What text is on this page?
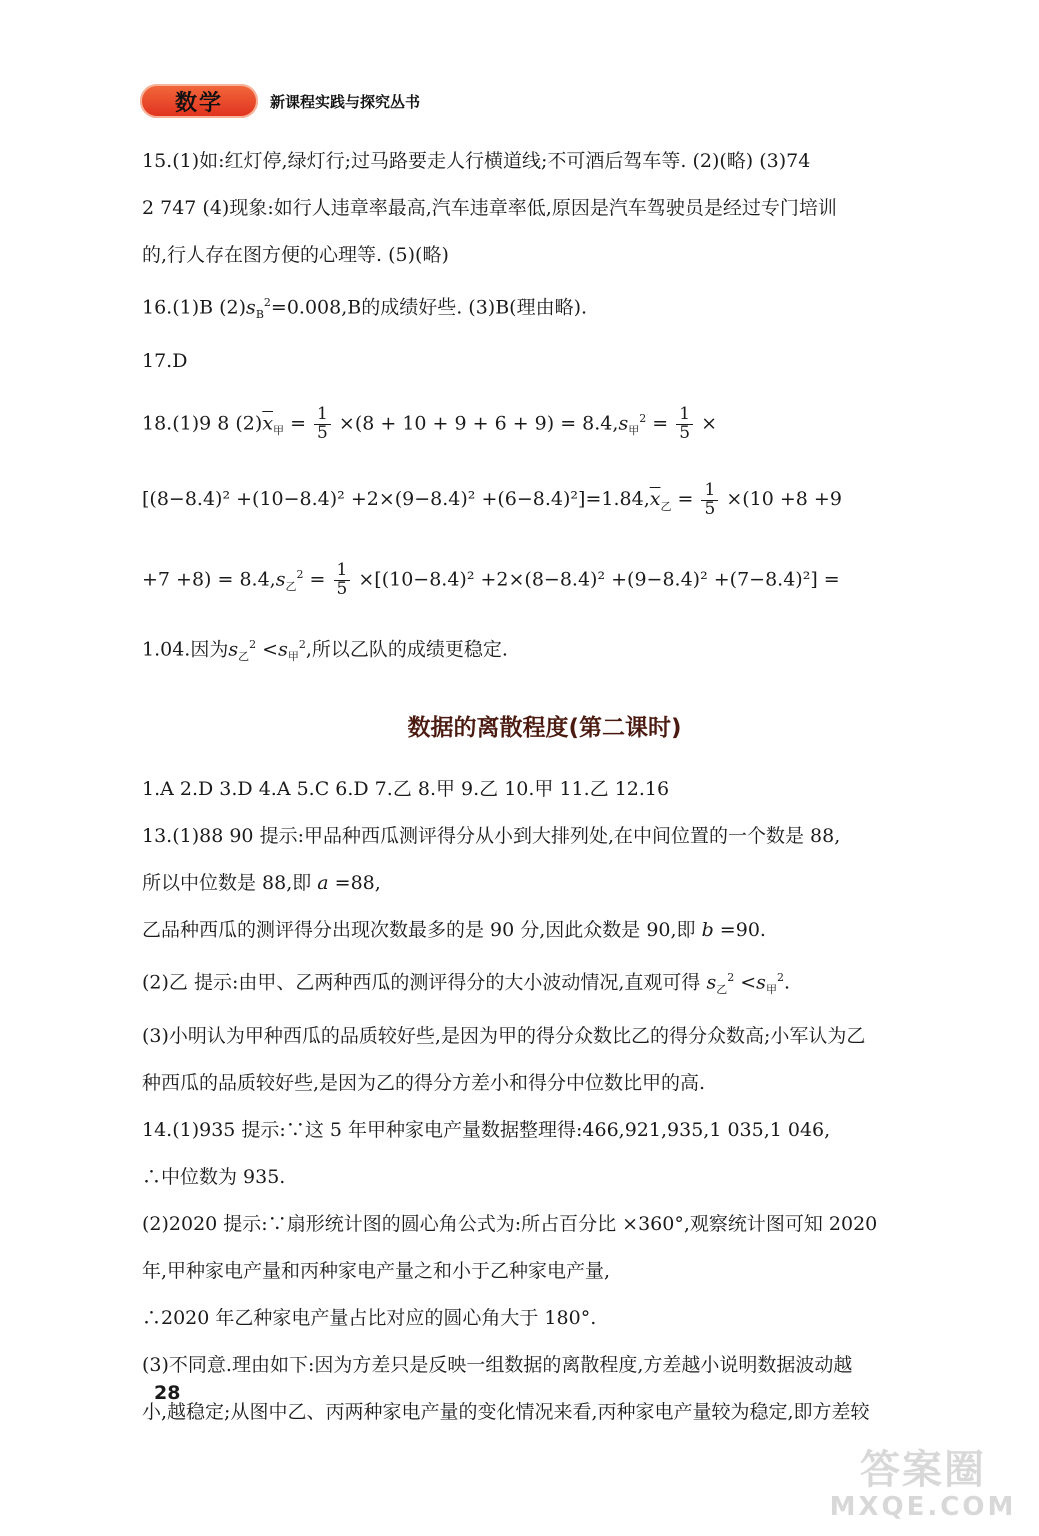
数学	新课程实践与探究丛书
15.(1)如:红灯停,绿灯行;过马路要走人行横道线;不可酒后驾车等. (2)(略) (3)74
2 747 (4)现象:如行人违章率最高,汽车违章率低,原因是汽车驾驶员是经过专门培训
的,行人存在图方便的心理等. (5)(略)
16.(1)B $(2)s_B^2=0.008,B$的成绩好些. (3)B(理由略).
17.D
18.(1)9 8 $(2)\overline{x}_甲 = \frac{1}{5} \times(8 + 10 + 9 + 6 + 9) = 8.4,s_甲^2 = \frac{1}{5}$ ×
$[(8-8.4)^2 +(10-8.4)^2 +2\times(9-8.4)^2 +(6-8.4)^2]=1.84,\overline{x}_乙 = \frac{1}{5} \times(10 +8 +9$
$+7 +8) = 8.4,s_乙^2 = \frac{1}{5} \times[(10-8.4)^2 +2\times(8-8.4)^2 +(9-8.4)^2 +(7-8.4)^2]$ =
1.04.因为$s_乙^2 <s_甲^2$,所以乙队的成绩更稳定.
数据的离散程度(第二课时)
1.A 2.D 3.D 4.A 5.C 6.D 7.乙 8.甲 9.乙 10.甲 11.乙 12.16
13.(1)88 90 提示:甲品种西瓜测评得分从小到大排列处,在中间位置的一个数是 88,
所以中位数是 88,即 a =88,
乙品种西瓜的测评得分出现次数最多的是 90 分,因此众数是 90,即 b =90.
(2)乙 提示:由甲、乙两种西瓜的测评得分的大小波动情况,直观可得 $s_乙^2 <s_甲^2$.
(3)小明认为甲种西瓜的品质较好些,是因为甲的得分众数比乙的得分众数高;小军认为乙
种西瓜的品质较好些,是因为乙的得分方差小和得分中位数比甲的高.
14.(1)935 提示:∵这 5 年甲种家电产量数据整理得:466,921,935,1 035,1 046,
∴中位数为 935.
(2)2020 提示:∵扇形统计图的圆心角公式为:所占百分比 ×360°,观察统计图可知 2020
年,甲种家电产量和丙种家电产量之和小于乙种家电产量,
∴2020 年乙种家电产量占比对应的圆心角大于 180°.
(3)不同意.理由如下:因为方差只是反映一组数据的离散程度,方差越小说明数据波动越
小,越稳定;从图中乙、丙两种家电产量的变化情况来看,丙种家电产量较为稳定,即方差较
28
答案圈
MXQE.COM
